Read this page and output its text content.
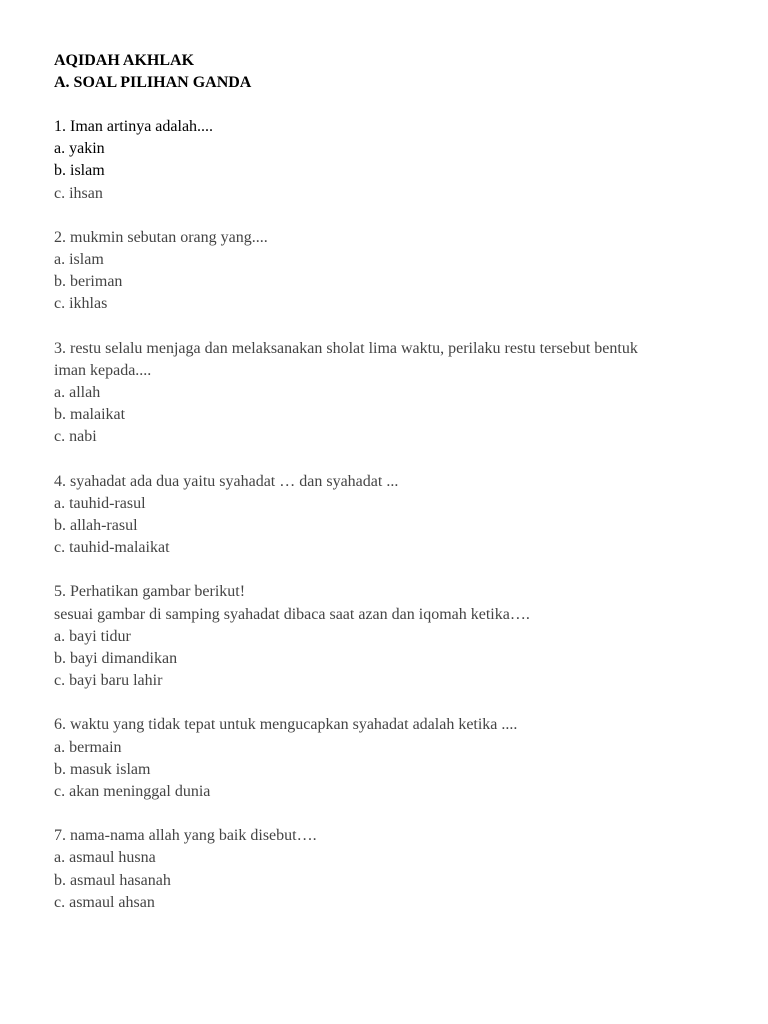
AQIDAH AKHLAK

A. SOAL PILIHAN GANDA

1. Iman artinya adalah....

a. yakin

b. islam

c. ihsan

2. mukmin sebutan orang yang....

a. islam

b. beriman

c. ikhlas

3. restu selalu menjaga dan melaksanakan sholat lima waktu, perilaku restu tersebut bentuk

iman kepada....

a. allah

b. malaikat

c. nabi

4. syahadat ada dua yaitu syahadat … dan syahadat ...

a. tauhid-rasul

b. allah-rasul

c. tauhid-malaikat

5. Perhatikan gambar berikut!

sesuai gambar di samping syahadat dibaca saat azan dan iqomah ketika….

a. bayi tidur

b. bayi dimandikan

c. bayi baru lahir

6. waktu yang tidak tepat untuk mengucapkan syahadat adalah ketika ....

a. bermain

b. masuk islam

c. akan meninggal dunia

7. nama-nama allah yang baik disebut….

a. asmaul husna

b. asmaul hasanah

c. asmaul ahsan
